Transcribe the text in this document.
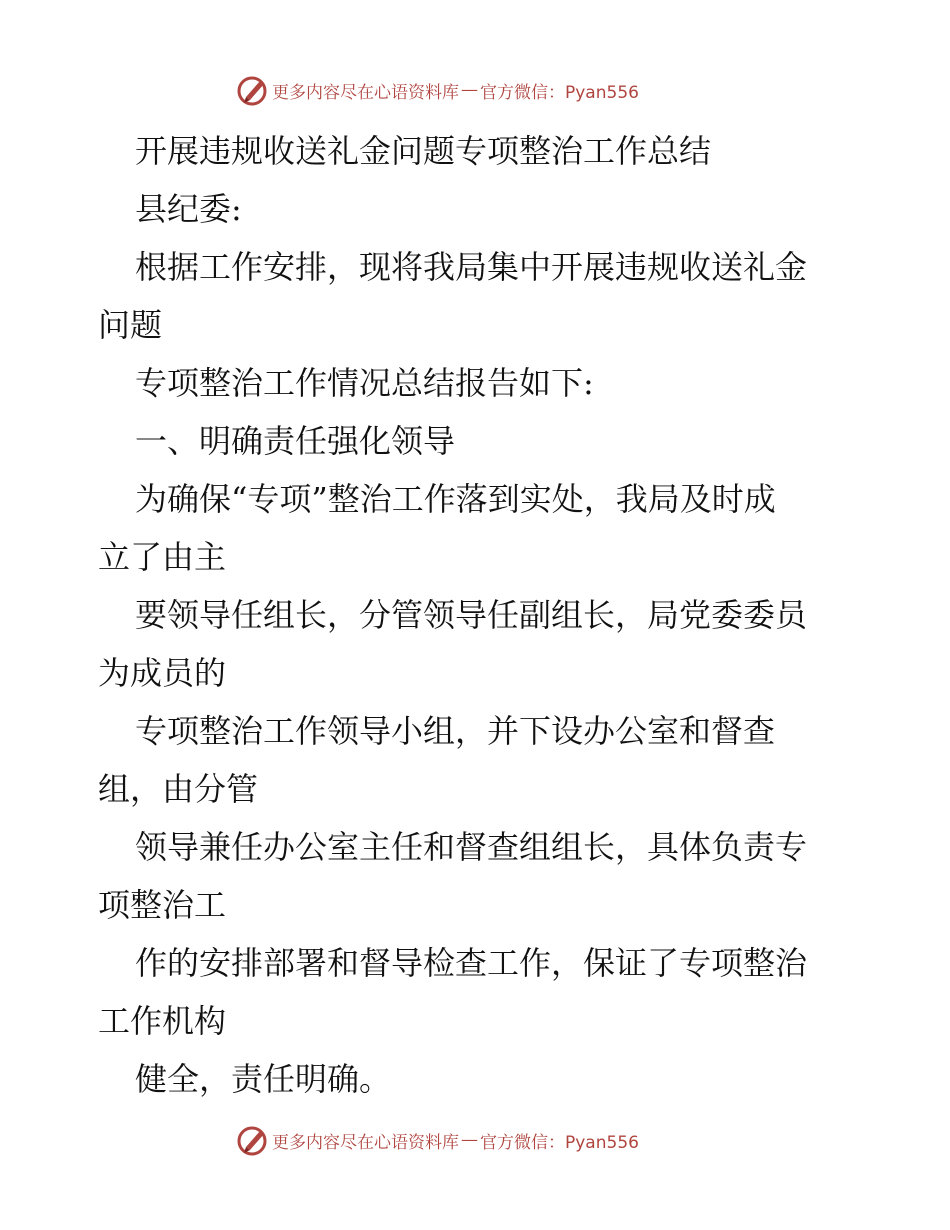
更多内容尽在心语资料库 — 官方微信：Pyan556
开展违规收送礼金问题专项整治工作总结
县纪委:
根据工作安排，现将我局集中开展违规收送礼金
问题
专项整治工作情况总结报告如下:
一、明确责任强化领导
为确保“专项”整治工作落到实处，我局及时成
立了由主
要领导任组长，分管领导任副组长，局党委委员
为成员的
专项整治工作领导小组，并下设办公室和督查
组，由分管
领导兼任办公室主任和督查组组长，具体负责专
项整治工
作的安排部署和督导检查工作，保证了专项整治
工作机构
健全，责任明确。
更多内容尽在心语资料库 — 官方微信：Pyan556
